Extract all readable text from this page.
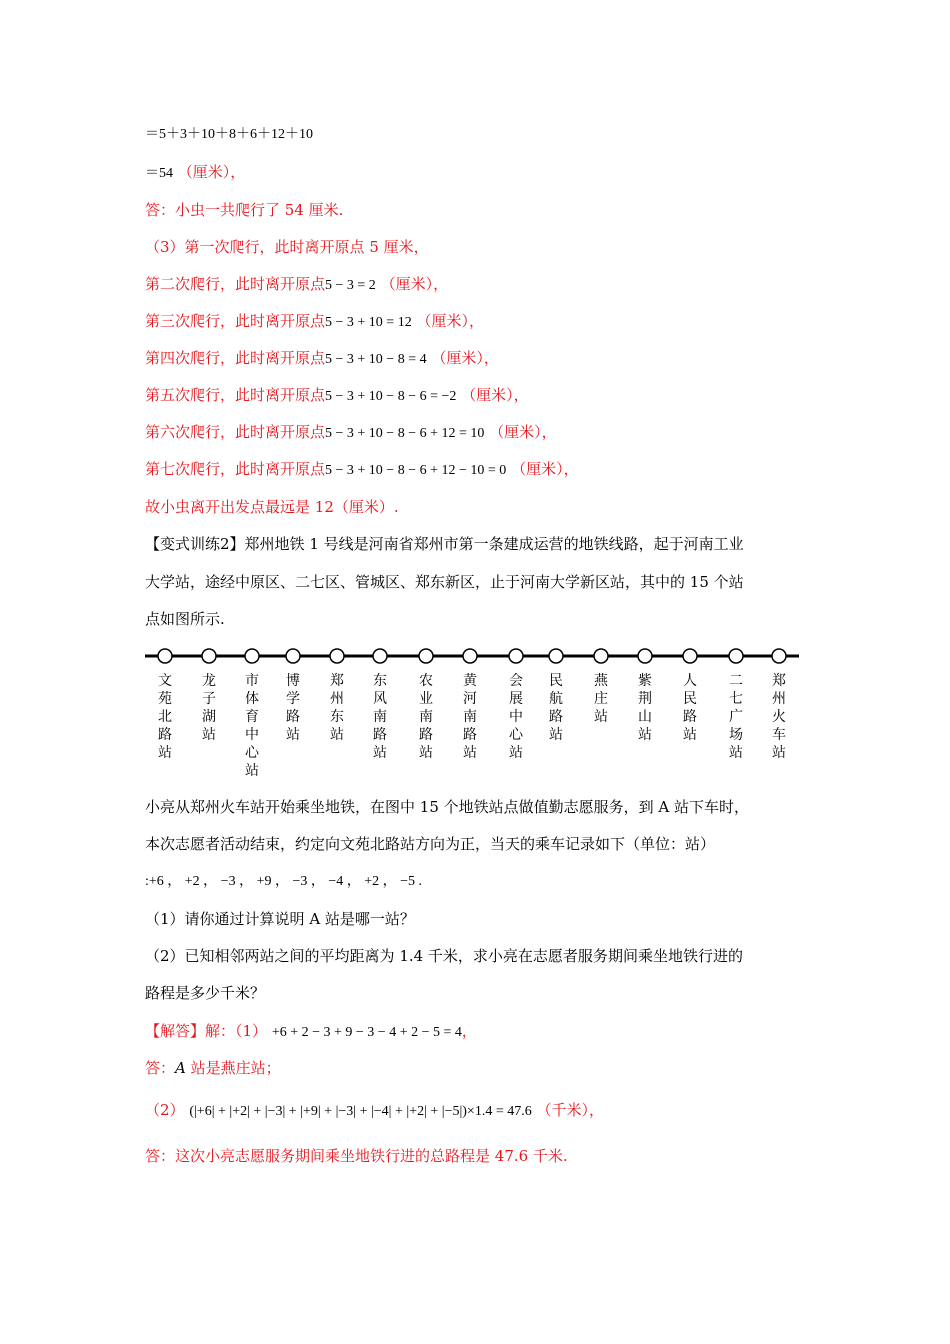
＝5＋3＋10＋8＋6＋12＋10
＝54 （厘米），
答：小虫一共爬行了 54 厘米.
（3）第一次爬行，此时离开原点 5 厘米，
第二次爬行，此时离开原点5 − 3 = 2 （厘米），
第三次爬行，此时离开原点5 − 3 + 10 = 12 （厘米），
第四次爬行，此时离开原点5 − 3 + 10 − 8 = 4 （厘米），
第五次爬行，此时离开原点5 − 3 + 10 − 8 − 6 = −2 （厘米），
第六次爬行，此时离开原点5 − 3 + 10 − 8 − 6 + 12 = 10 （厘米），
第七次爬行，此时离开原点5 − 3 + 10 − 8 − 6 + 12 − 10 = 0 （厘米），
故小虫离开出发点最远是 12（厘米）.
【变式训练2】郑州地铁 1 号线是河南省郑州市第一条建成运营的地铁线路，起于河南工业
大学站，途经中原区、二七区、管城区、郑东新区，止于河南大学新区站，其中的 15 个站
点如图所示.
文苑北路站
龙子湖站
市体育中心站
博学路站
郑州东站
东风南路站
农业南路站
黄河南路站
会展中心站
民航路站
燕庄站
紫荆山站
人民路站
二七广场站
郑州火车站
小亮从郑州火车站开始乘坐地铁，在图中 15 个地铁站点做值勤志愿服务，到 A 站下车时，
本次志愿者活动结束，约定向文苑北路站方向为正，当天的乘车记录如下（单位：站）
:+6 ， +2 ， −3 ， +9 ， −3 ， −4 ， +2 ， −5 .
（1）请你通过计算说明 A 站是哪一站？
（2）已知相邻两站之间的平均距离为 1.4 千米，求小亮在志愿者服务期间乘坐地铁行进的
路程是多少千米？
【解答】解：（1） +6 + 2 − 3 + 9 − 3 − 4 + 2 − 5 = 4，
答：A 站是燕庄站；
（2） (|+6| + |+2| + |−3| + |+9| + |−3| + |−4| + |+2| + |−5|)×1.4 = 47.6 （千米），
答：这次小亮志愿服务期间乘坐地铁行进的总路程是 47.6 千米.
